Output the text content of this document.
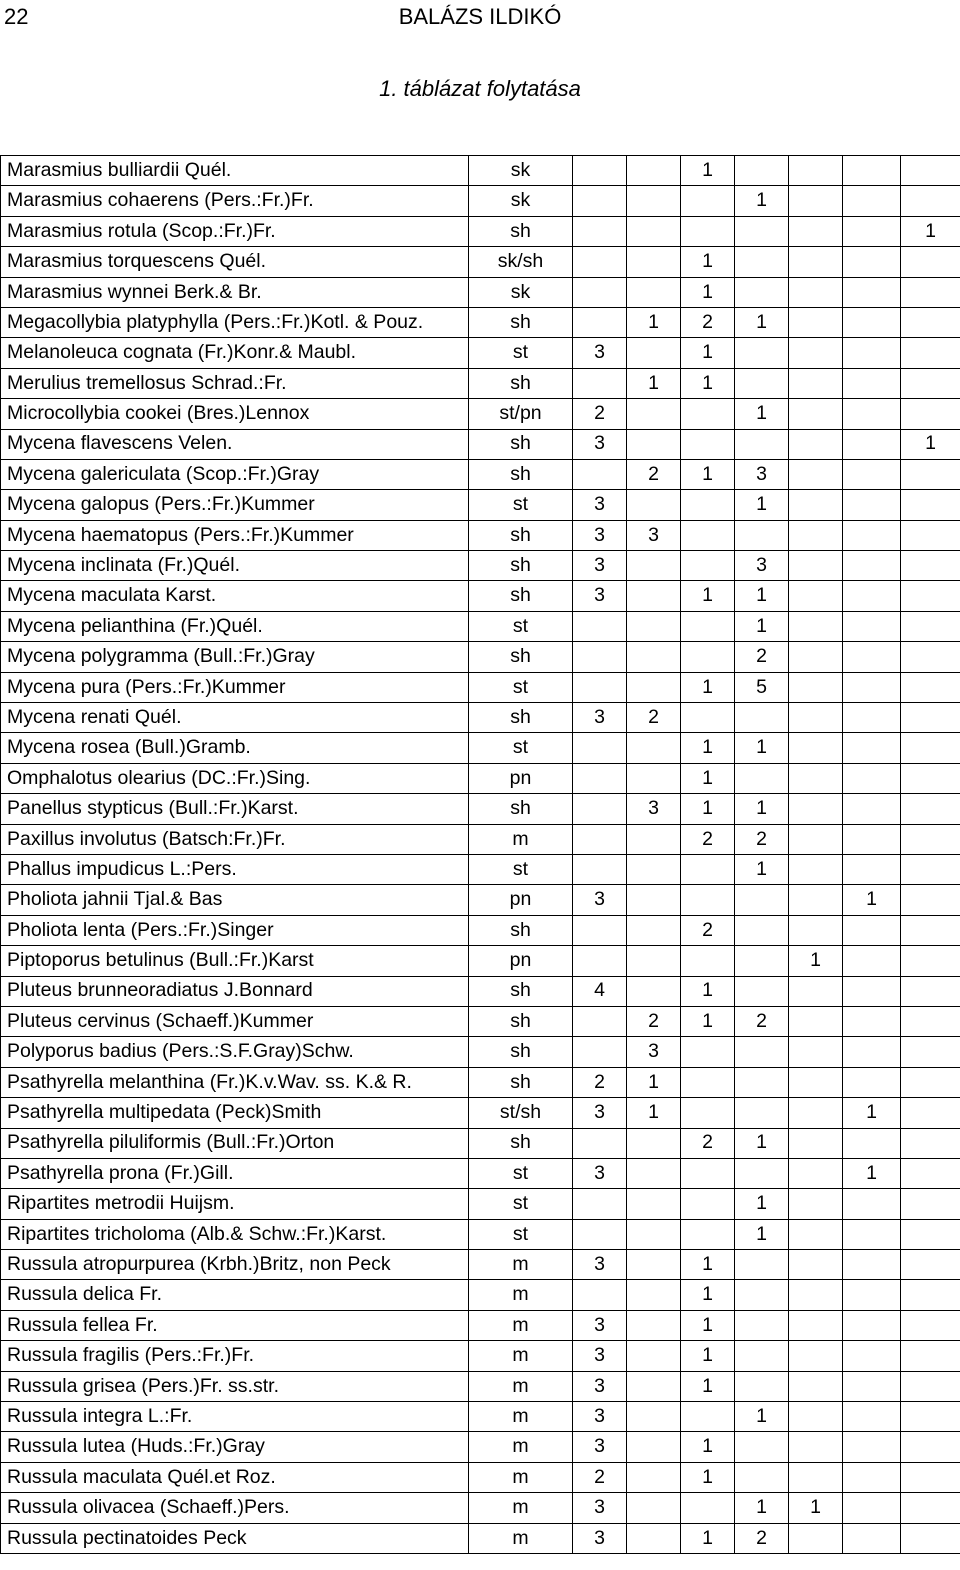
22	BALÁZS ILDIKÓ
1. táblázat folytatása
Marasmius bulliardii Quél.	sk			1				
Marasmius cohaerens (Pers.:Fr.)Fr.	sk				1			
Marasmius rotula (Scop.:Fr.)Fr.	sh							1
Marasmius torquescens Quél.	sk/sh			1				
Marasmius wynnei Berk.& Br.	sk			1				
Megacollybia platyphylla (Pers.:Fr.)Kotl. & Pouz.	sh		1	2	1			
Melanoleuca cognata (Fr.)Konr.& Maubl.	st	3		1				
Merulius tremellosus Schrad.:Fr.	sh		1	1				
Microcollybia cookei (Bres.)Lennox	st/pn	2			1			
Mycena flavescens Velen.	sh	3						1
Mycena galericulata (Scop.:Fr.)Gray	sh		2	1	3			
Mycena galopus (Pers.:Fr.)Kummer	st	3			1			
Mycena haematopus (Pers.:Fr.)Kummer	sh	3	3					
Mycena inclinata (Fr.)Quél.	sh	3			3			
Mycena maculata Karst.	sh	3		1	1			
Mycena pelianthina (Fr.)Quél.	st				1			
Mycena polygramma (Bull.:Fr.)Gray	sh				2			
Mycena pura (Pers.:Fr.)Kummer	st			1	5			
Mycena renati Quél.	sh	3	2					
Mycena rosea (Bull.)Gramb.	st			1	1			
Omphalotus olearius (DC.:Fr.)Sing.	pn			1				
Panellus stypticus (Bull.:Fr.)Karst.	sh		3	1	1			
Paxillus involutus (Batsch:Fr.)Fr.	m			2	2			
Phallus impudicus L.:Pers.	st				1			
Pholiota jahnii Tjal.& Bas	pn	3					1	
Pholiota lenta (Pers.:Fr.)Singer	sh			2				
Piptoporus betulinus (Bull.:Fr.)Karst	pn					1		
Pluteus brunneoradiatus J.Bonnard	sh	4		1				
Pluteus cervinus (Schaeff.)Kummer	sh		2	1	2			
Polyporus badius (Pers.:S.F.Gray)Schw.	sh		3					
Psathyrella melanthina (Fr.)K.v.Wav. ss. K.& R.	sh	2	1					
Psathyrella multipedata (Peck)Smith	st/sh	3	1				1	
Psathyrella piluliformis (Bull.:Fr.)Orton	sh			2	1			
Psathyrella prona (Fr.)Gill.	st	3					1	
Ripartites metrodii Huijsm.	st				1			
Ripartites tricholoma (Alb.& Schw.:Fr.)Karst.	st				1			
Russula atropurpurea (Krbh.)Britz, non Peck	m	3		1				
Russula delica Fr.	m			1				
Russula fellea Fr.	m	3		1				
Russula fragilis (Pers.:Fr.)Fr.	m	3		1				
Russula grisea (Pers.)Fr. ss.str.	m	3		1				
Russula integra L.:Fr.	m	3			1			
Russula lutea (Huds.:Fr.)Gray	m	3		1				
Russula maculata Quél.et Roz.	m	2		1				
Russula olivacea (Schaeff.)Pers.	m	3			1	1		
Russula pectinatoides Peck	m	3		1	2			
